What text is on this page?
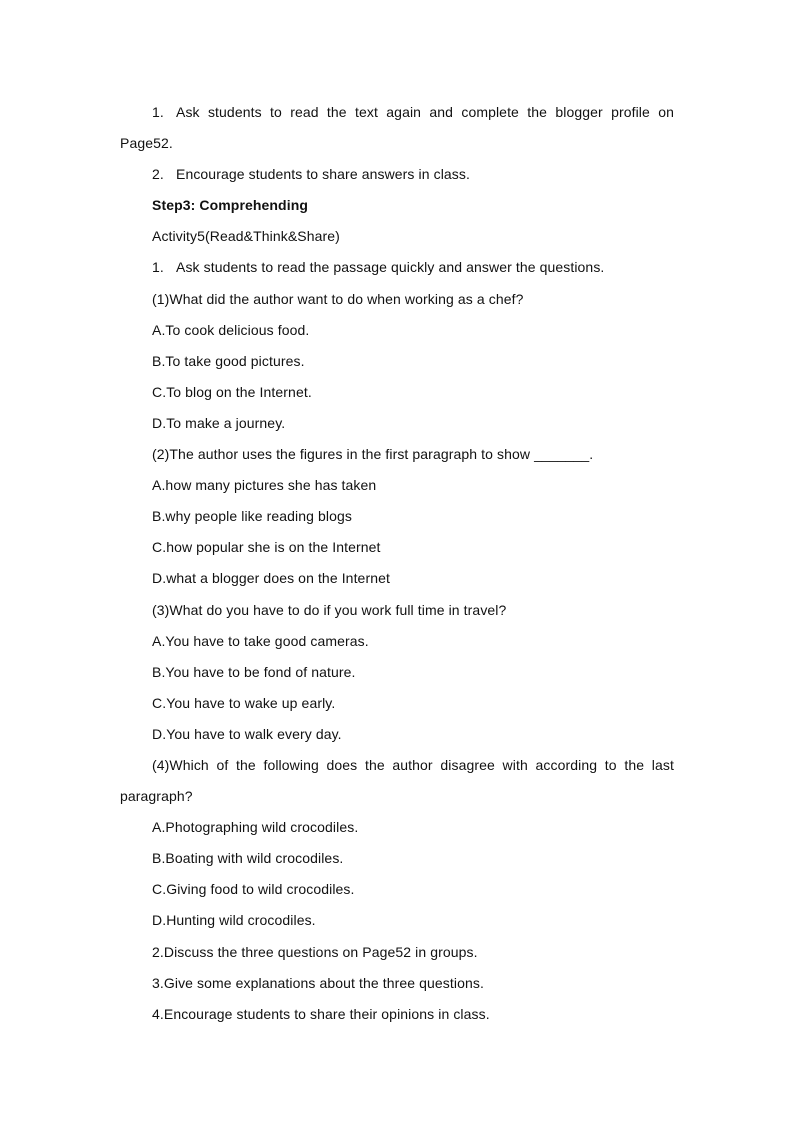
1. Ask students to read the text again and complete the blogger profile on Page52.

2. Encourage students to share answers in class.

Step3: Comprehending

Activity5(Read&Think&Share)

1. Ask students to read the passage quickly and answer the questions.

(1)What did the author want to do when working as a chef?

A.To cook delicious food.

B.To take good pictures.

C.To blog on the Internet.

D.To make a journey.

(2)The author uses the figures in the first paragraph to show _______.

A.how many pictures she has taken

B.why people like reading blogs

C.how popular she is on the Internet

D.what a blogger does on the Internet

(3)What do you have to do if you work full time in travel?

A.You have to take good cameras.

B.You have to be fond of nature.

C.You have to wake up early.

D.You have to walk every day.

(4)Which of the following does the author disagree with according to the last paragraph?

A.Photographing wild crocodiles.

B.Boating with wild crocodiles.

C.Giving food to wild crocodiles.

D.Hunting wild crocodiles.

2.Discuss the three questions on Page52 in groups.

3.Give some explanations about the three questions.

4.Encourage students to share their opinions in class.
